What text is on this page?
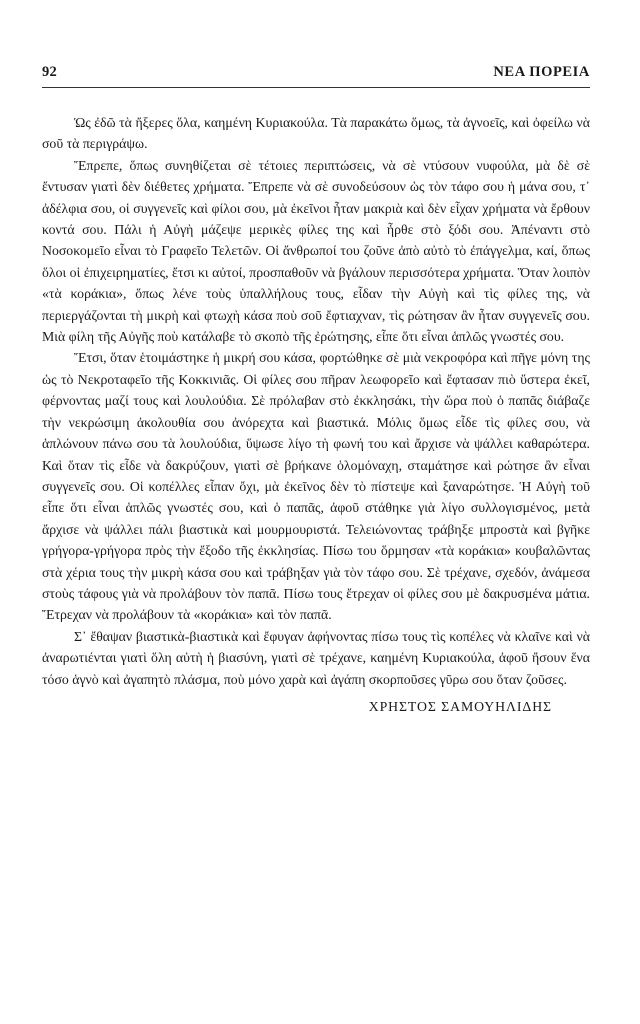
92	ΝΕΑ ΠΟΡΕΙΑ

Ὡς ἐδῶ τὰ ἤξερες ὅλα, καημένη Κυριακούλα. Τὰ παρακάτω ὅμως, τὰ ἀγνοεῖς, καὶ ὀφείλω νὰ σοῦ τὰ περιγράψω.

Ἔπρεπε, ὅπως συνηθίζεται σὲ τέτοιες περιπτώσεις, νὰ σὲ ντύσουν νυφούλα, μὰ δὲ σὲ ἔντυσαν γιατὶ δὲν διέθετες χρήματα. Ἔπρεπε νὰ σὲ συνοδεύσουν ὡς τὸν τάφο σου ἡ μάνα σου, τ᾿ ἀδέλφια σου, οἱ συγγενεῖς καὶ φίλοι σου, μὰ ἐκεῖνοι ἦταν μακριὰ καὶ δὲν εἶχαν χρήματα νὰ ἔρθουν κοντά σου. Πάλι ἡ Αὐγὴ μάζεψε μερικὲς φίλες της καὶ ἦρθε στὸ ξόδι σου. Ἀπέναντι στὸ Νοσοκομεῖο εἶναι τὸ Γραφεῖο Τελετῶν. Οἱ ἄνθρωποί του ζοῦνε ἀπὸ αὐτὸ τὸ ἐπάγγελμα, καί, ὅπως ὅλοι οἱ ἐπιχειρηματίες, ἔτσι κι αὐτοί, προσπαθοῦν νὰ βγάλουν περισσότερα χρήματα. Ὅταν λοιπὸν «τὰ κοράκια», ὅπως λένε τοὺς ὑπαλλήλους τους, εἶδαν τὴν Αὐγὴ καὶ τὶς φίλες της, νὰ περιεργάζονται τὴ μικρὴ καὶ φτωχὴ κάσα ποὺ σοῦ ἔφτιαχναν, τὶς ρώτησαν ἂν ἦταν συγγενεῖς σου. Μιὰ φίλη τῆς Αὐγῆς ποὺ κατάλαβε τὸ σκοπὸ τῆς ἐρώτησης, εἶπε ὅτι εἶναι ἁπλῶς γνωστές σου.

Ἔτσι, ὅταν ἑτοιμάστηκε ἡ μικρή σου κάσα, φορτώθηκε σὲ μιὰ νεκροφόρα καὶ πῆγε μόνη της ὡς τὸ Νεκροταφεῖο τῆς Κοκκινιᾶς. Οἱ φίλες σου πῆραν λεωφορεῖο καὶ ἔφτασαν πιὸ ὕστερα ἐκεῖ, φέρνοντας μαζί τους καὶ λουλούδια. Σὲ πρόλαβαν στὸ ἐκκλησάκι, τὴν ὥρα ποὺ ὁ παπᾶς διάβαζε τὴν νεκρώσιμη ἀκολουθία σου ἀνόρεχτα καὶ βιαστικά. Μόλις ὅμως εἶδε τὶς φίλες σου, νὰ ἁπλώνουν πάνω σου τὰ λουλούδια, ὕψωσε λίγο τὴ φωνή του καὶ ἄρχισε νὰ ψάλλει καθαρώτερα. Καὶ ὅταν τὶς εἶδε νὰ δακρύζουν, γιατὶ σὲ βρήκανε ὁλομόναχη, σταμάτησε καὶ ρώτησε ἂν εἶναι συγγενεῖς σου. Οἱ κοπέλλες εἶπαν ὄχι, μὰ ἐκεῖνος δὲν τὸ πίστεψε καὶ ξαναρώτησε. Ἡ Αὐγὴ τοῦ εἶπε ὅτι εἶναι ἁπλῶς γνωστές σου, καὶ ὁ παπᾶς, ἀφοῦ στάθηκε γιὰ λίγο συλλογισμένος, μετὰ ἄρχισε νὰ ψάλλει πάλι βιαστικὰ καὶ μουρμουριστά. Τελειώνοντας τράβηξε μπροστὰ καὶ βγῆκε γρήγορα-γρήγορα πρὸς τὴν ἔξοδο τῆς ἐκκλησίας. Πίσω του ὅρμησαν «τὰ κοράκια» κουβαλῶντας στὰ χέρια τους τὴν μικρὴ κάσα σου καὶ τράβηξαν γιὰ τὸν τάφο σου. Σὲ τρέχανε, σχεδόν, ἀνάμεσα στοὺς τάφους γιὰ νὰ προλάβουν τὸν παπᾶ. Πίσω τους ἔτρεχαν οἱ φίλες σου μὲ δακρυσμένα μάτια. Ἔτρεχαν νὰ προλάβουν τὰ «κοράκια» καὶ τὸν παπᾶ.

Σ᾿ ἔθαψαν βιαστικὰ-βιαστικὰ καὶ ἔφυγαν ἀφήνοντας πίσω τους τὶς κοπέλες νὰ κλαῖνε καὶ νὰ ἀναρωτιένται γιατὶ ὅλη αὐτὴ ἡ βιασύνη, γιατὶ σὲ τρέχανε, καημένη Κυριακούλα, ἀφοῦ ἤσουν ἕνα τόσο ἁγνὸ καὶ ἀγαπητὸ πλάσμα, ποὺ μόνο χαρὰ καὶ ἀγάπη σκορποῦσες γῦρω σου ὅταν ζοῦσες.

ΧΡΗΣΤΟΣ ΣΑΜΟΥΗΛΙΔΗΣ
